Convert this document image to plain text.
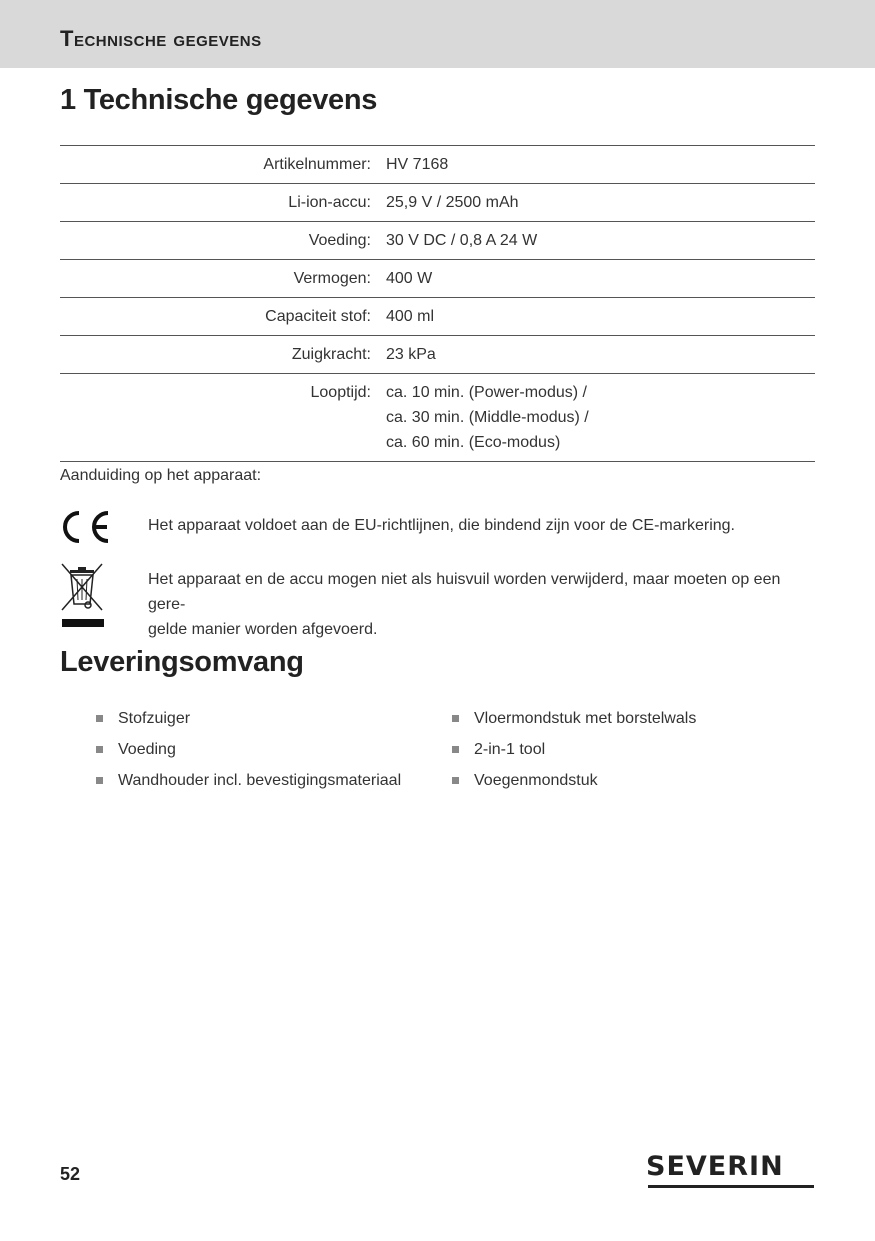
Technische gegevens
1 Technische gegevens
Artikelnummer: HV 7168
Li-ion-accu: 25,9 V / 2500 mAh
Voeding: 30 V DC / 0,8 A 24 W
Vermogen: 400 W
Capaciteit stof: 400 ml
Zuigkracht: 23 kPa
Looptijd: ca. 10 min. (Power-modus) /
ca. 30 min. (Middle-modus) /
ca. 60 min. (Eco-modus)
Aanduiding op het apparaat:
Het apparaat voldoet aan de EU-richtlijnen, die bindend zijn voor de CE-markering.
Het apparaat en de accu mogen niet als huisvuil worden verwijderd, maar moeten op een gere-
gelde manier worden afgevoerd.
Leveringsomvang
Stofzuiger
Voeding
Wandhouder incl. bevestigingsmateriaal
Vloermondstuk met borstelwals
2-in-1 tool
Voegenmondstuk
52	SEVERIN
